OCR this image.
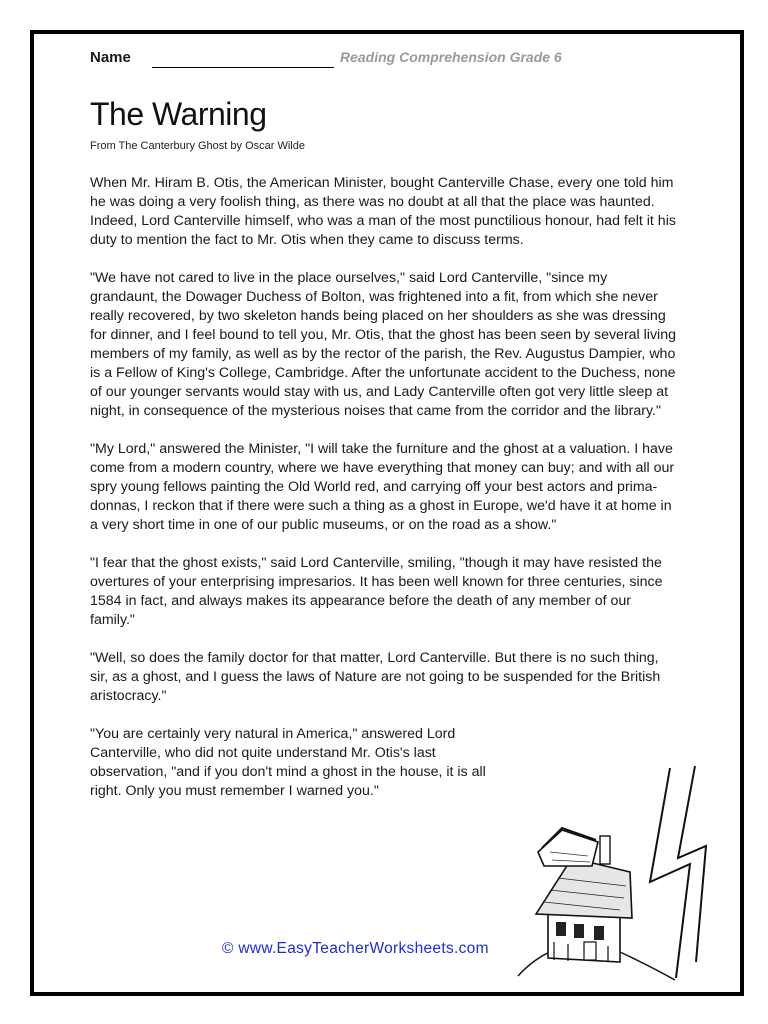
Name	Reading Comprehension Grade 6
The Warning
From The Canterbury Ghost by Oscar Wilde

When Mr. Hiram B. Otis, the American Minister, bought Canterville Chase, every one told him he was doing a very foolish thing, as there was no doubt at all that the place was haunted. Indeed, Lord Canterville himself, who was a man of the most punctilious honour, had felt it his duty to mention the fact to Mr. Otis when they came to discuss terms.

"We have not cared to live in the place ourselves," said Lord Canterville, "since my grandaunt, the Dowager Duchess of Bolton, was frightened into a fit, from which she never really recovered, by two skeleton hands being placed on her shoulders as she was dressing for dinner, and I feel bound to tell you, Mr. Otis, that the ghost has been seen by several living members of my family, as well as by the rector of the parish, the Rev. Augustus Dampier, who is a Fellow of King's College, Cambridge. After the unfortunate accident to the Duchess, none of our younger servants would stay with us, and Lady Canterville often got very little sleep at night, in consequence of the mysterious noises that came from the corridor and the library."

"My Lord," answered the Minister, "I will take the furniture and the ghost at a valuation. I have come from a modern country, where we have everything that money can buy; and with all our spry young fellows painting the Old World red, and carrying off your best actors and prima-donnas, I reckon that if there were such a thing as a ghost in Europe, we'd have it at home in a very short time in one of our public museums, or on the road as a show."

"I fear that the ghost exists," said Lord Canterville, smiling, "though it may have resisted the overtures of your enterprising impresarios. It has been well known for three centuries, since 1584 in fact, and always makes its appearance before the death of any member of our family."

"Well, so does the family doctor for that matter, Lord Canterville. But there is no such thing, sir, as a ghost, and I guess the laws of Nature are not going to be suspended for the British aristocracy."

"You are certainly very natural in America," answered Lord Canterville, who did not quite understand Mr. Otis's last observation, "and if you don't mind a ghost in the house, it is all right. Only you must remember I warned you."

© www.EasyTeacherWorksheets.com
